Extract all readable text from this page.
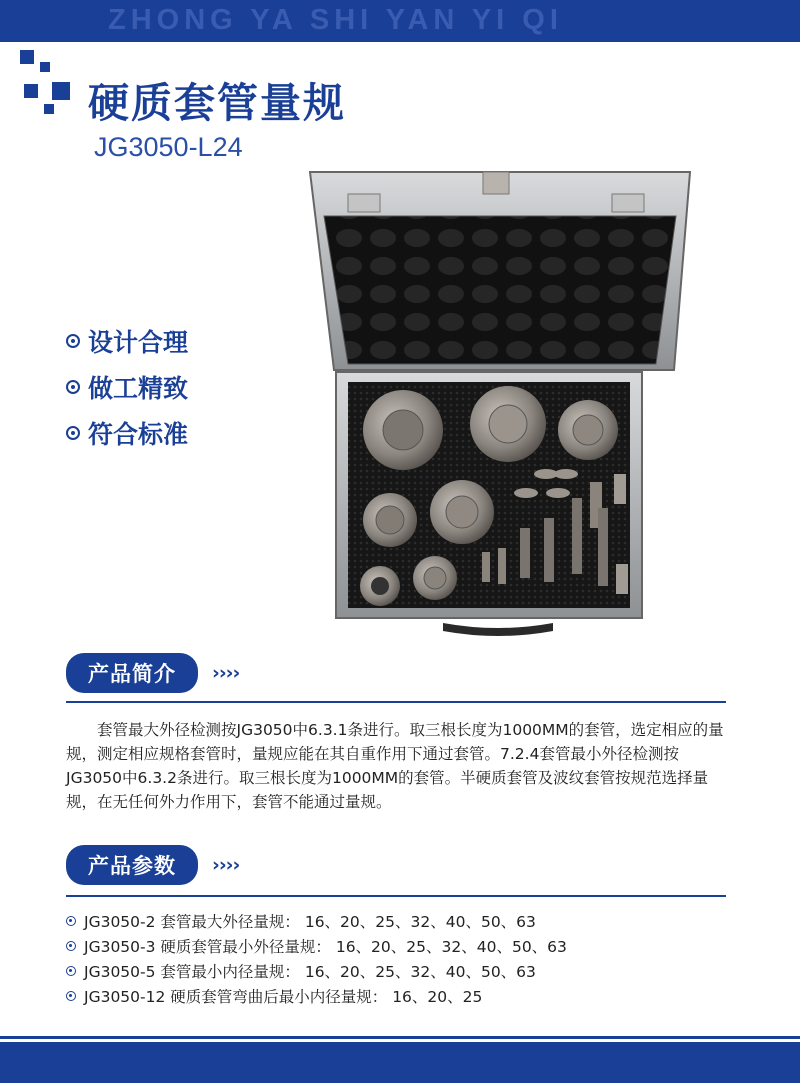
ZHONG YA SHI YAN YI QI
硬质套管量规
JG3050-L24
设计合理
做工精致
符合标准
产品简介	››››
套管最大外径检测按JG3050中6.3.1条进行。取三根长度为1000MM的套管，选定相应的量规，测定相应规格套管时，量规应能在其自重作用下通过套管。7.2.4套管最小外径检测按JG3050中6.3.2条进行。取三根长度为1000MM的套管。半硬质套管及波纹套管按规范选择量规，在无任何外力作用下，套管不能通过量规。
产品参数	››››
JG3050-2 套管最大外径量规： 16、20、25、32、40、50、63
JG3050-3 硬质套管最小外径量规： 16、20、25、32、40、50、63
JG3050-5 套管最小内径量规： 16、20、25、32、40、50、63
JG3050-12 硬质套管弯曲后最小内径量规： 16、20、25
